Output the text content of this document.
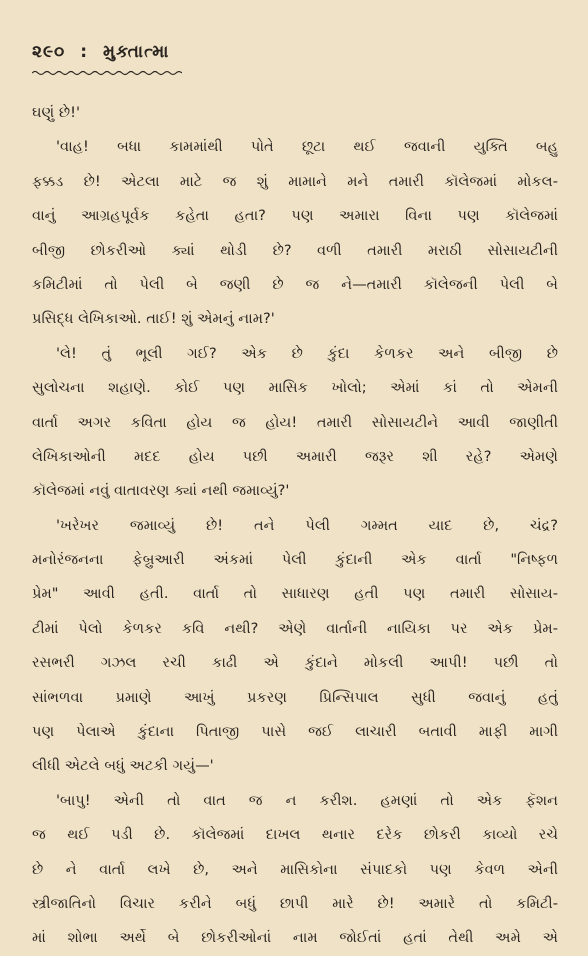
૨૯૦ : મુક્તાત્મા
ઘણું છે!'
'વાહ! બધા કામમાંથી પોતે છૂટા થઈ જવાની યુક્તિ બહુ
ફક્કડ છે! એટલા માટે જ શું મામાને મને તમારી કૉલેજમાં મોકલ-
વાનું આગ્રહપૂર્વક કહેતા હતા? પણ અમારા વિના પણ કૉલેજમાં
બીજી છોકરીઓ ક્યાં થોડી છે? વળી તમારી મરાઠી સોસાયટીની
કમિટીમાં તો પેલી બે જણી છે જ ને—તમારી કૉલેજની પેલી બે
પ્રસિદ્ધ લેખિકાઓ. તાઈ! શું એમનું નામ?'
'લે! તું ભૂલી ગઈ? એક છે કુંદા કેળકર અને બીજી છે
સુલોચના શહાણે. કોઈ પણ માસિક ખોલો; એમાં કાં તો એમની
વાર્તા અગર કવિતા હોય જ હોય! તમારી સોસાયટીને આવી જાણીતી
લેખિકાઓની મદદ હોય પછી અમારી જરૂર શી રહે? એમણે
કૉલેજમાં નવું વાતાવરણ ક્યાં નથી જમાવ્યું?'
'ખરેખર જમાવ્યું છે! તને પેલી ગમ્મત યાદ છે, ચંદ્ર?
મનોરંજનના ફેબ્રુઆરી અંકમાં પેલી કુંદાની એક વાર્તા "નિષ્ફળ
પ્રેમ" આવી હતી. વાર્તા તો સાધારણ હતી પણ તમારી સોસાય-
ટીમાં પેલો કેળકર કવિ નથી? એણે વાર્તાની નાયિકા પર એક પ્રેમ-
રસભરી ગઝલ રચી કાઢી એ કુંદાને મોકલી આપી! પછી તો
સાંભળવા પ્રમાણે આખું પ્રકરણ પ્રિન્સિપાલ સુધી જવાનું હતું
પણ પેલાએ કુંદાના પિતાજી પાસે જઈ લાચારી બતાવી માફી માગી
લીધી એટલે બધું અટકી ગયું—'
'બાપુ! એની તો વાત જ ન કરીશ. હમણાં તો એક ફૅશન
જ થઈ પડી છે. કૉલેજમાં દાખલ થનાર દરેક છોકરી કાવ્યો રચે
છે ને વાર્તા લખે છે, અને માસિકોના સંપાદકો પણ કેવળ એની
સ્ત્રીજાતિનો વિચાર કરીને બધું છાપી મારે છે! અમારે તો કમિટી-
માં શોભા અર્થે બે છોકરીઓનાં નામ જોઈતાં હતાં તેથી અમે એ
